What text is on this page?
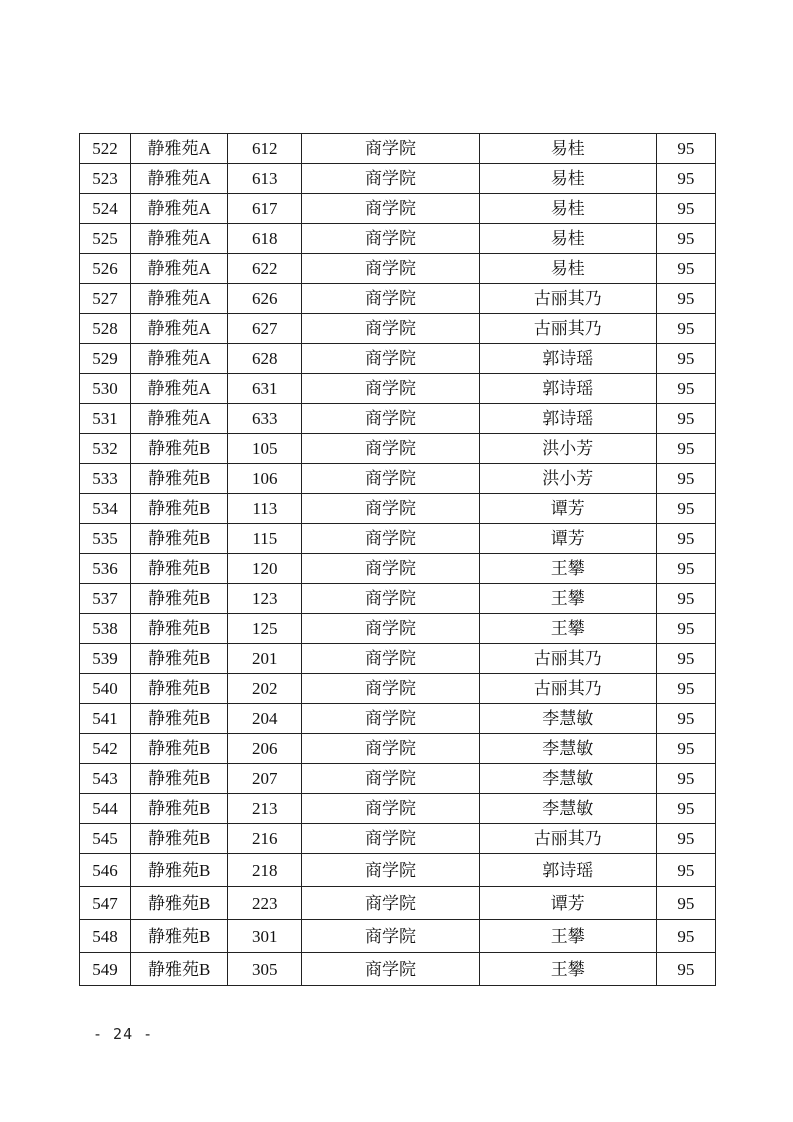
522	静雅苑A	612	商学院	易桂	95
523	静雅苑A	613	商学院	易桂	95
524	静雅苑A	617	商学院	易桂	95
525	静雅苑A	618	商学院	易桂	95
526	静雅苑A	622	商学院	易桂	95
527	静雅苑A	626	商学院	古丽其乃	95
528	静雅苑A	627	商学院	古丽其乃	95
529	静雅苑A	628	商学院	郭诗瑶	95
530	静雅苑A	631	商学院	郭诗瑶	95
531	静雅苑A	633	商学院	郭诗瑶	95
532	静雅苑B	105	商学院	洪小芳	95
533	静雅苑B	106	商学院	洪小芳	95
534	静雅苑B	113	商学院	谭芳	95
535	静雅苑B	115	商学院	谭芳	95
536	静雅苑B	120	商学院	王攀	95
537	静雅苑B	123	商学院	王攀	95
538	静雅苑B	125	商学院	王攀	95
539	静雅苑B	201	商学院	古丽其乃	95
540	静雅苑B	202	商学院	古丽其乃	95
541	静雅苑B	204	商学院	李慧敏	95
542	静雅苑B	206	商学院	李慧敏	95
543	静雅苑B	207	商学院	李慧敏	95
544	静雅苑B	213	商学院	李慧敏	95
545	静雅苑B	216	商学院	古丽其乃	95
546	静雅苑B	218	商学院	郭诗瑶	95
547	静雅苑B	223	商学院	谭芳	95
548	静雅苑B	301	商学院	王攀	95
549	静雅苑B	305	商学院	王攀	95
- 24 -
